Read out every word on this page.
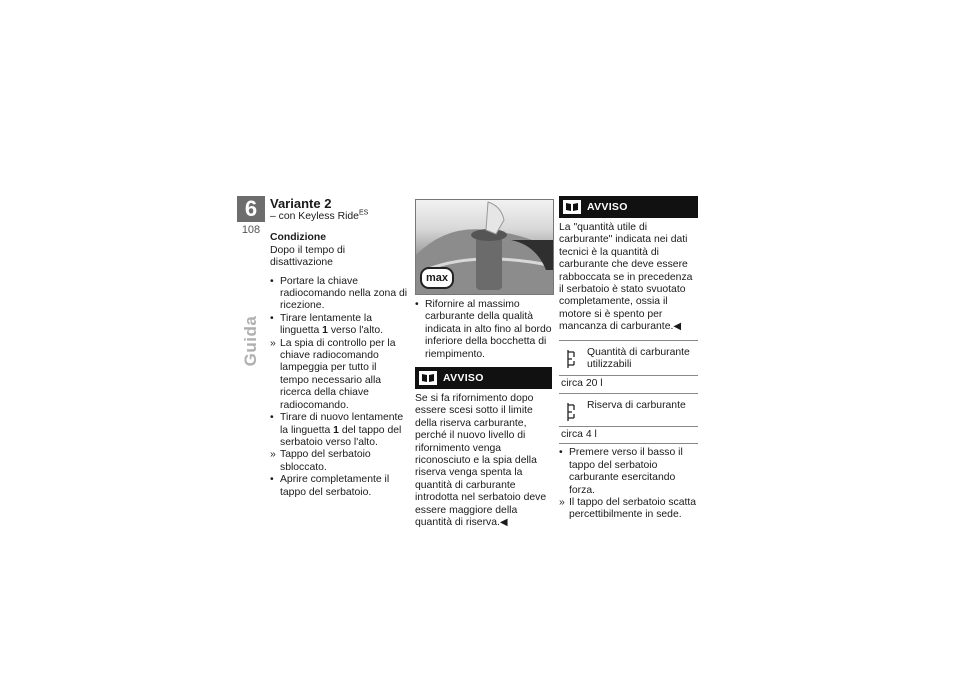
6
108
Guida
Variante 2
– con Keyless Ride$^{ES}$
Condizione
Dopo il tempo di disattivazione
• Portare la chiave radiocomando nella zona di ricezione.
• Tirare lentamente la linguetta 1 verso l'alto.
» La spia di controllo per la chiave radiocomando lampeggia per tutto il tempo necessario alla ricerca della chiave radiocomando.
• Tirare di nuovo lentamente la linguetta 1 del tappo del serbatoio verso l'alto.
» Tappo del serbatoio sbloccato.
• Aprire completamente il tappo del serbatoio.
max
• Rifornire al massimo carburante della qualità indicata in alto fino al bordo inferiore della bocchetta di riempimento.
AVVISO
Se si fa rifornimento dopo essere scesi sotto il limite della riserva carburante, perché il nuovo livello di rifornimento venga riconosciuto e la spia della riserva venga spenta la quantità di carburante introdotta nel serbatoio deve essere maggiore della quantità di riserva.◀
AVVISO
La "quantità utile di carburante" indicata nei dati tecnici è la quantità di carburante che deve essere rabboccata se in precedenza il serbatoio è stato svuotato completamente, ossia il motore si è spento per mancanza di carburante.◀
Quantità di carburante utilizzabili
circa 20 l
Riserva di carburante
circa 4 l
• Premere verso il basso il tappo del serbatoio carburante esercitando forza.
» Il tappo del serbatoio scatta percettibilmente in sede.
